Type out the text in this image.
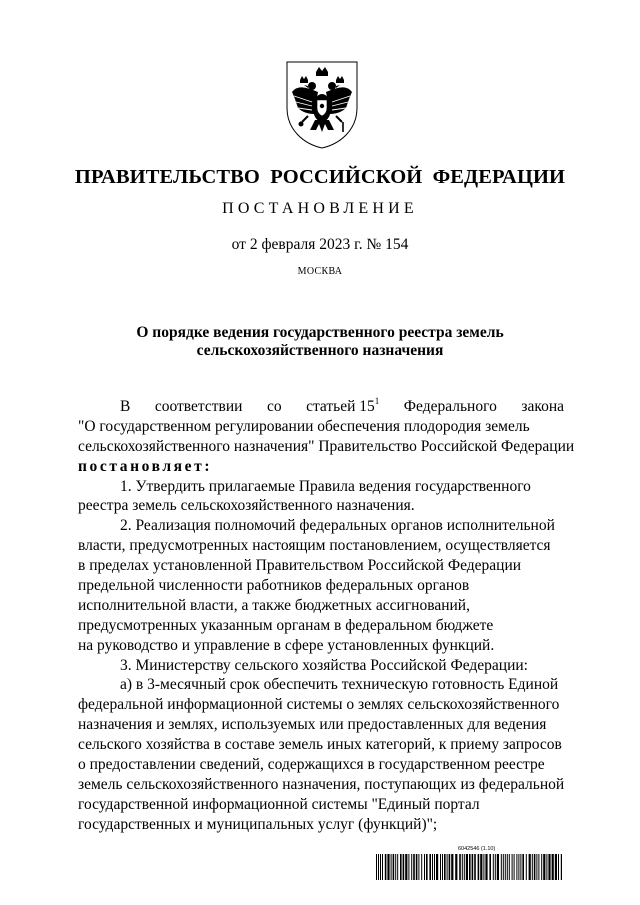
ПРАВИТЕЛЬСТВО РОССИЙСКОЙ ФЕДЕРАЦИИ
ПОСТАНОВЛЕНИЕ
от 2 февраля 2023 г. № 154
МОСКВА
О порядке ведения государственного реестра земель
сельскохозяйственного назначения
В соответствии со статьей 15$^1$ Федерального закона
"О государственном регулировании обеспечения плодородия земель
сельскохозяйственного назначения" Правительство Российской Федерации
постановляет:
1. Утвердить прилагаемые Правила ведения государственного
реестра земель сельскохозяйственного назначения.
2. Реализация полномочий федеральных органов исполнительной
власти, предусмотренных настоящим постановлением, осуществляется
в пределах установленной Правительством Российской Федерации
предельной численности работников федеральных органов
исполнительной власти, а также бюджетных ассигнований,
предусмотренных указанным органам в федеральном бюджете
на руководство и управление в сфере установленных функций.
3. Министерству сельского хозяйства Российской Федерации:
а) в 3-месячный срок обеспечить техническую готовность Единой
федеральной информационной системы о землях сельскохозяйственного
назначения и землях, используемых или предоставленных для ведения
сельского хозяйства в составе земель иных категорий, к приему запросов
о предоставлении сведений, содержащихся в государственном реестре
земель сельскохозяйственного назначения, поступающих из федеральной
государственной информационной системы "Единый портал
государственных и муниципальных услуг (функций)";
6042546 (1.10)
